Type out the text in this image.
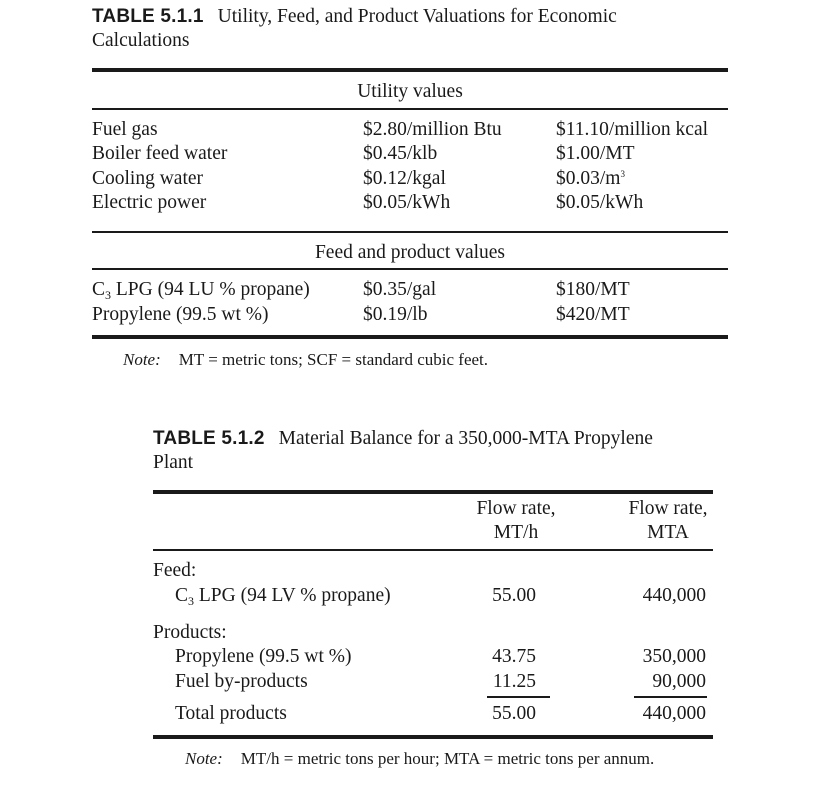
TABLE 5.1.1 Utility, Feed, and Product Valuations for Economic
Calculations
Utility values
Fuel gas	$2.80/million Btu	$11.10/million kcal
Boiler feed water	$0.45/klb	$1.00/MT
Cooling water	$0.12/kgal	$\$0.03/m^3$
Electric power	$0.05/kWh	$0.05/kWh
Feed and product values
$C_3$ LPG (94 LU % propane)	$0.35/gal	$180/MT
Propylene (99.5 wt %)	$0.19/lb	$420/MT
Note: MT = metric tons; SCF = standard cubic feet.
TABLE 5.1.2 Material Balance for a 350,000-MTA Propylene
Plant
Flow rate,
MT/h
Flow rate,
MTA
Feed:
$C_3$ LPG (94 LV % propane)	55.00	440,000
Products:
Propylene (99.5 wt %)	43.75	350,000
Fuel by-products	11.25	90,000
Total products	55.00	440,000
Note: MT/h = metric tons per hour; MTA = metric tons per annum.
